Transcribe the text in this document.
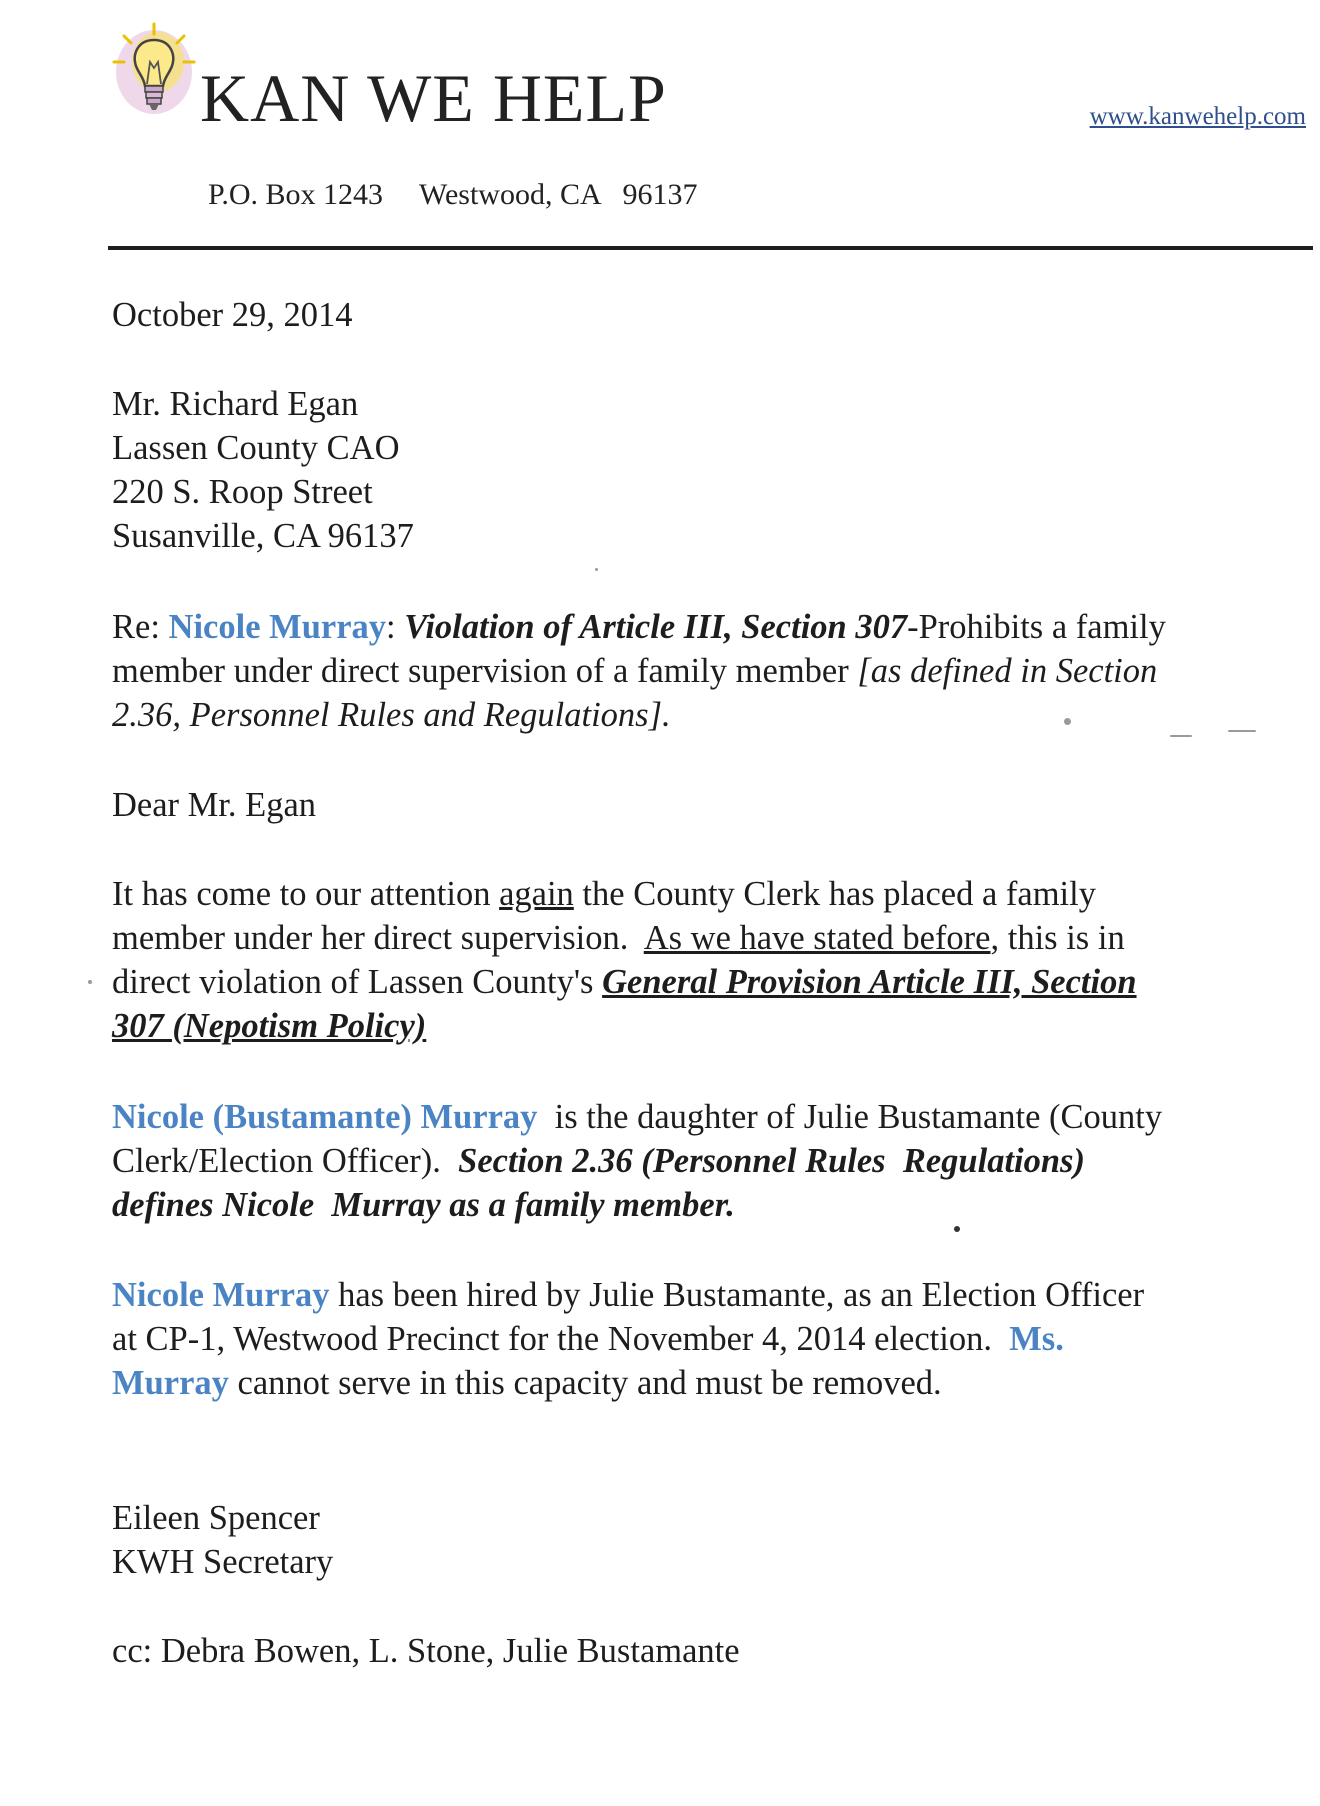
KAN WE HELP	www.kanwehelp.com
P.O. Box 1243 Westwood, CA   96137
October 29, 2014
Mr. Richard Egan
Lassen County CAO
220 S. Roop Street
Susanville, CA 96137
Re: Nicole Murray: Violation of Article III, Section 307-Prohibits a family
member under direct supervision of a family member [as defined in Section
2.36, Personnel Rules and Regulations].
Dear Mr. Egan
It has come to our attention again the County Clerk has placed a family
member under her direct supervision.  As we have stated before, this is in
direct violation of Lassen County's General Provision Article III, Section
307 (Nepotism Policy)
Nicole (Bustamante) Murray  is the daughter of Julie Bustamante (County
Clerk/Election Officer).  Section 2.36 (Personnel Rules  Regulations)
defines Nicole  Murray as a family member.
Nicole Murray has been hired by Julie Bustamante, as an Election Officer
at CP-1, Westwood Precinct for the November 4, 2014 election.  Ms.
Murray cannot serve in this capacity and must be removed.
Eileen Spencer
KWH Secretary
cc: Debra Bowen, L. Stone, Julie Bustamante
